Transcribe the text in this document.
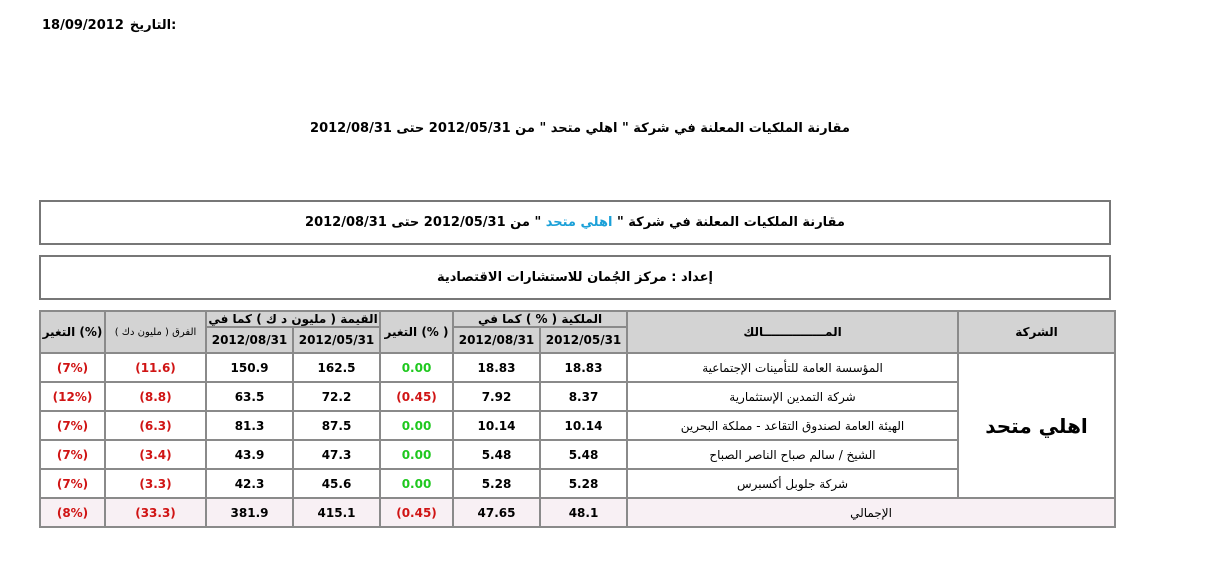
18/09/2012 التاريخ:
مقارنة الملكيات المعلنة في شركة " اهلي متحد " من 2012/05/31 حتى 2012/08/31
مقارنة الملكيات المعلنة في شركة " اهلي متحد " من 2012/05/31 حتى 2012/08/31
إعداد : مركز الجُمان للاستشارات الاقتصادية
التغير (%)	الفرق ( مليون دك )	القيمة ( مليون د ك ) كما في		التغير (% )	الملكية ( % ) كما في		المـــــــــــــــالك	الشركة
		2012/08/31	2012/05/31		2012/08/31	2012/05/31		
(7%)	(11.6)	150.9	162.5	0.00	18.83	18.83	المؤسسة العامة للتأمينات الإجتماعية	اهلي متحد
(12%)	(8.8)	63.5	72.2	(0.45)	7.92	8.37	شركة التمدين الإستثمارية	
(7%)	(6.3)	81.3	87.5	0.00	10.14	10.14	الهيئة العامة لصندوق التقاعد - مملكة البحرين	
(7%)	(3.4)	43.9	47.3	0.00	5.48	5.48	الشيخ / سالم صباح الناصر الصباح	
(7%)	(3.3)	42.3	45.6	0.00	5.28	5.28	شركة جلوبل أكسبرس	
(8%)	(33.3)	381.9	415.1	(0.45)	47.65	48.1	الإجمالي	
